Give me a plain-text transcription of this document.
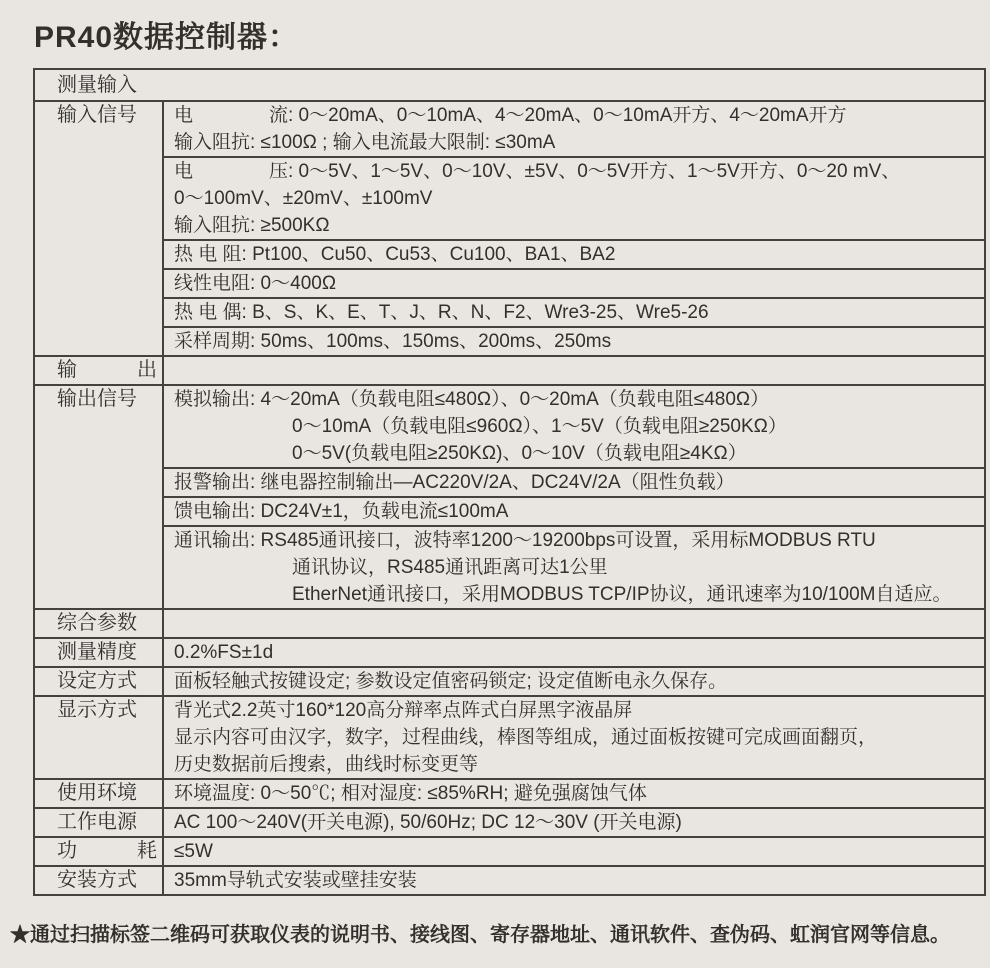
PR40数据控制器：
测量输入
输入信号	电　　　　流: 0～20mA、0～10mA、4～20mA、0～10mA开方、4～20mA开方
输入阻抗: ≤100Ω ; 输入电流最大限制: ≤30mA
电　　　　压: 0～5V、1～5V、0～10V、±5V、0～5V开方、1～5V开方、0～20 mV、
0～100mV、±20mV、±100mV
输入阻抗: ≥500KΩ
热 电 阻: Pt100、Cu50、Cu53、Cu100、BA1、BA2
线性电阻: 0～400Ω
热 电 偶: B、S、K、E、T、J、R、N、F2、Wre3-25、Wre5-26
采样周期: 50ms、100ms、150ms、200ms、250ms
输　　　出
输出信号	模拟输出: 4～20mA（负载电阻≤480Ω）、0～20mA（负载电阻≤480Ω）
0～10mA（负载电阻≤960Ω）、1～5V（负载电阻≥250KΩ）
0～5V(负载电阻≥250KΩ)、0～10V（负载电阻≥4KΩ）
报警输出: 继电器控制输出—AC220V/2A、DC24V/2A（阻性负载）
馈电输出: DC24V±1，负载电流≤100mA
通讯输出: RS485通讯接口，波特率1200～19200bps可设置，采用标MODBUS RTU
通讯协议，RS485通讯距离可达1公里
EtherNet通讯接口，采用MODBUS TCP/IP协议，通讯速率为10/100M自适应。
综合参数
测量精度	0.2%FS±1d
设定方式	面板轻触式按键设定; 参数设定值密码锁定; 设定值断电永久保存。
显示方式	背光式2.2英寸160*120高分辩率点阵式白屏黑字液晶屏
显示内容可由汉字，数字，过程曲线，棒图等组成，通过面板按键可完成画面翻页，
历史数据前后搜索，曲线时标变更等
使用环境	环境温度: 0～50℃; 相对湿度: ≤85%RH; 避免强腐蚀气体
工作电源	AC 100～240V(开关电源), 50/60Hz; DC 12～30V (开关电源)
功　　　耗 ≤5W
安装方式	35mm导轨式安装或壁挂安装
★通过扫描标签二维码可获取仪表的说明书、接线图、寄存器地址、通讯软件、查伪码、虹润官网等信息。
